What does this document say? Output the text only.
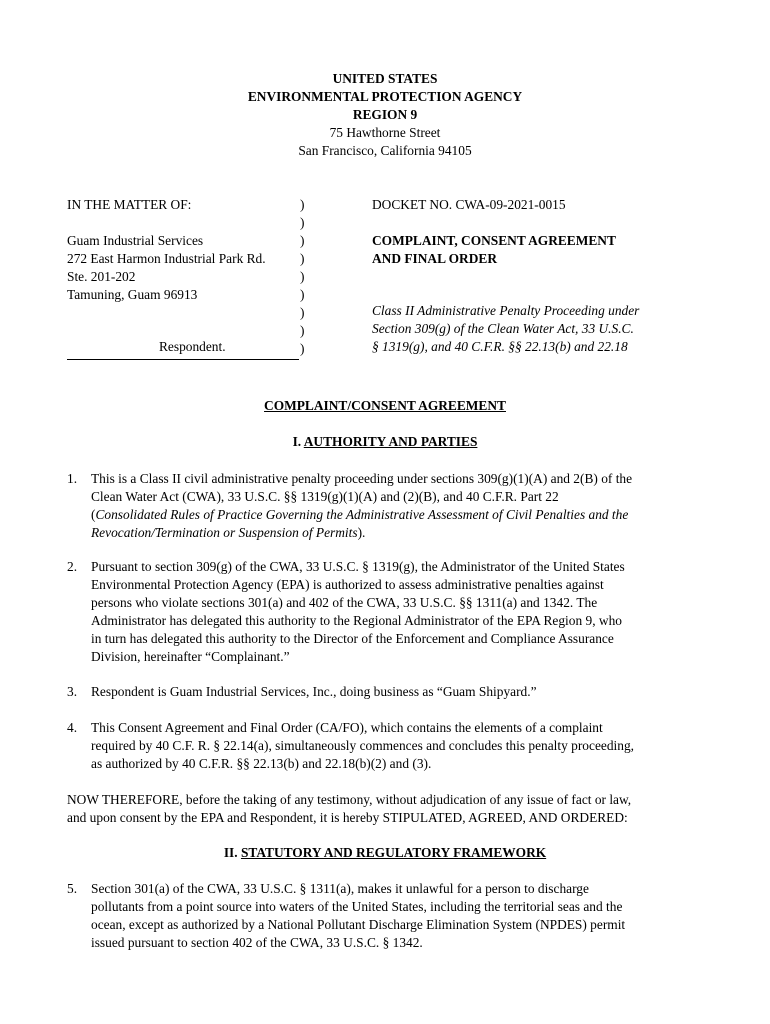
UNITED STATES
ENVIRONMENTAL PROTECTION AGENCY
REGION 9
75 Hawthorne Street
San Francisco, California 94105
IN THE MATTER OF:
Guam Industrial Services
272 East Harmon Industrial Park Rd.
Ste. 201-202
Tamuning, Guam 96913
Respondent.
)
)
)
)
)
)
)
)
)
DOCKET NO. CWA-09-2021-0015
COMPLAINT, CONSENT AGREEMENT
AND FINAL ORDER
Class II Administrative Penalty Proceeding under
Section 309(g) of the Clean Water Act, 33 U.S.C.
§ 1319(g), and 40 C.F.R. §§ 22.13(b) and 22.18
COMPLAINT/CONSENT AGREEMENT
I. AUTHORITY AND PARTIES
1. This is a Class II civil administrative penalty proceeding under sections 309(g)(1)(A) and 2(B) of the
Clean Water Act (CWA), 33 U.S.C. §§ 1319(g)(1)(A) and (2)(B), and 40 C.F.R. Part 22
(Consolidated Rules of Practice Governing the Administrative Assessment of Civil Penalties and the
Revocation/Termination or Suspension of Permits).
2. Pursuant to section 309(g) of the CWA, 33 U.S.C. § 1319(g), the Administrator of the United States
Environmental Protection Agency (EPA) is authorized to assess administrative penalties against
persons who violate sections 301(a) and 402 of the CWA, 33 U.S.C. §§ 1311(a) and 1342. The
Administrator has delegated this authority to the Regional Administrator of the EPA Region 9, who
in turn has delegated this authority to the Director of the Enforcement and Compliance Assurance
Division, hereinafter “Complainant.”
3. Respondent is Guam Industrial Services, Inc., doing business as “Guam Shipyard.”
4. This Consent Agreement and Final Order (CA/FO), which contains the elements of a complaint
required by 40 C.F. R. § 22.14(a), simultaneously commences and concludes this penalty proceeding,
as authorized by 40 C.F.R. §§ 22.13(b) and 22.18(b)(2) and (3).
NOW THEREFORE, before the taking of any testimony, without adjudication of any issue of fact or law,
and upon consent by the EPA and Respondent, it is hereby STIPULATED, AGREED, AND ORDERED:
II. STATUTORY AND REGULATORY FRAMEWORK
5. Section 301(a) of the CWA, 33 U.S.C. § 1311(a), makes it unlawful for a person to discharge
pollutants from a point source into waters of the United States, including the territorial seas and the
ocean, except as authorized by a National Pollutant Discharge Elimination System (NPDES) permit
issued pursuant to section 402 of the CWA, 33 U.S.C. § 1342.
